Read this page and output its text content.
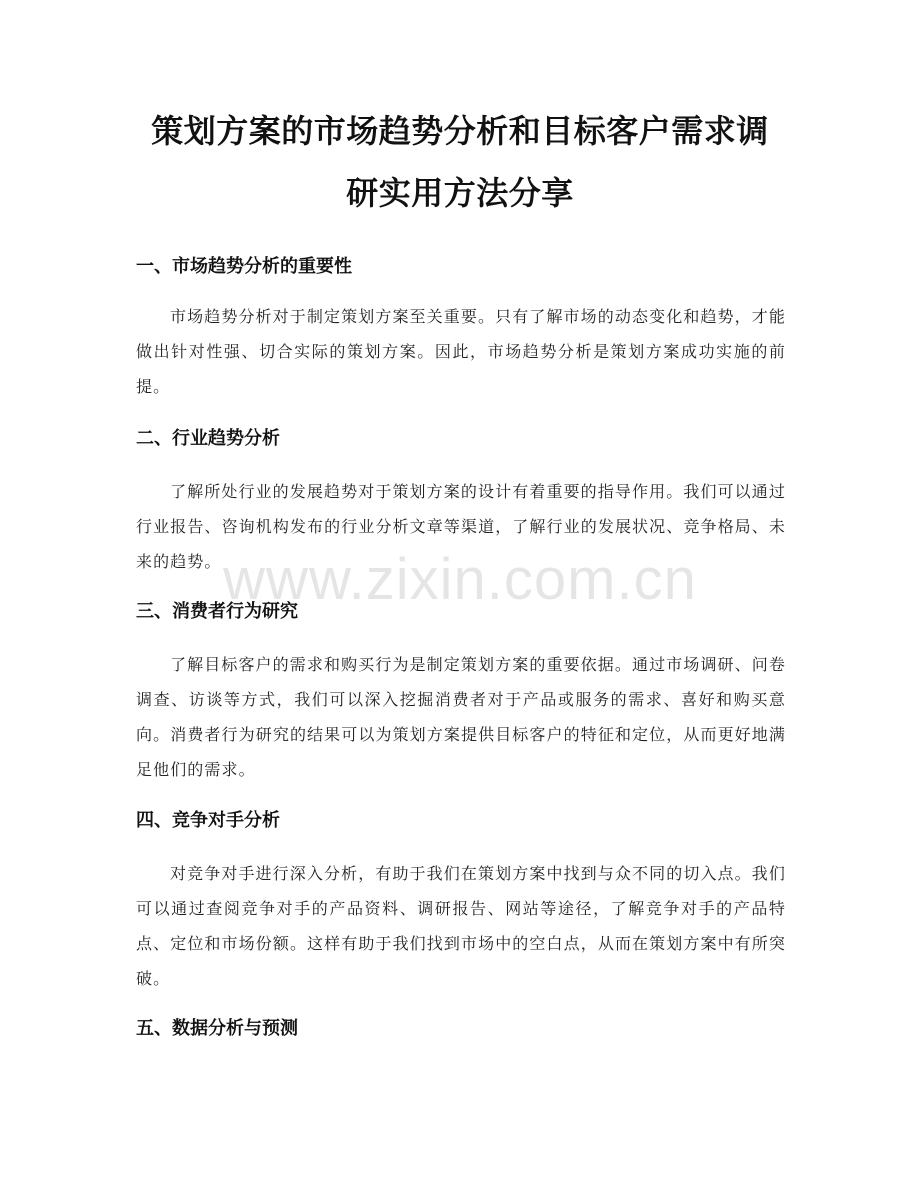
策划方案的市场趋势分析和目标客户需求调
研实用方法分享
一、市场趋势分析的重要性

市场趋势分析对于制定策划方案至关重要。只有了解市场的动态变化和趋势，才能做出针对性强、切合实际的策划方案。因此，市场趋势分析是策划方案成功实施的前提。

二、行业趋势分析

了解所处行业的发展趋势对于策划方案的设计有着重要的指导作用。我们可以通过行业报告、咨询机构发布的行业分析文章等渠道，了解行业的发展状况、竞争格局、未来的趋势。

三、消费者行为研究

了解目标客户的需求和购买行为是制定策划方案的重要依据。通过市场调研、问卷调查、访谈等方式，我们可以深入挖掘消费者对于产品或服务的需求、喜好和购买意向。消费者行为研究的结果可以为策划方案提供目标客户的特征和定位，从而更好地满足他们的需求。

四、竞争对手分析

对竞争对手进行深入分析，有助于我们在策划方案中找到与众不同的切入点。我们可以通过查阅竞争对手的产品资料、调研报告、网站等途径，了解竞争对手的产品特点、定位和市场份额。这样有助于我们找到市场中的空白点，从而在策划方案中有所突破。

五、数据分析与预测
www.zixin.com.cn
